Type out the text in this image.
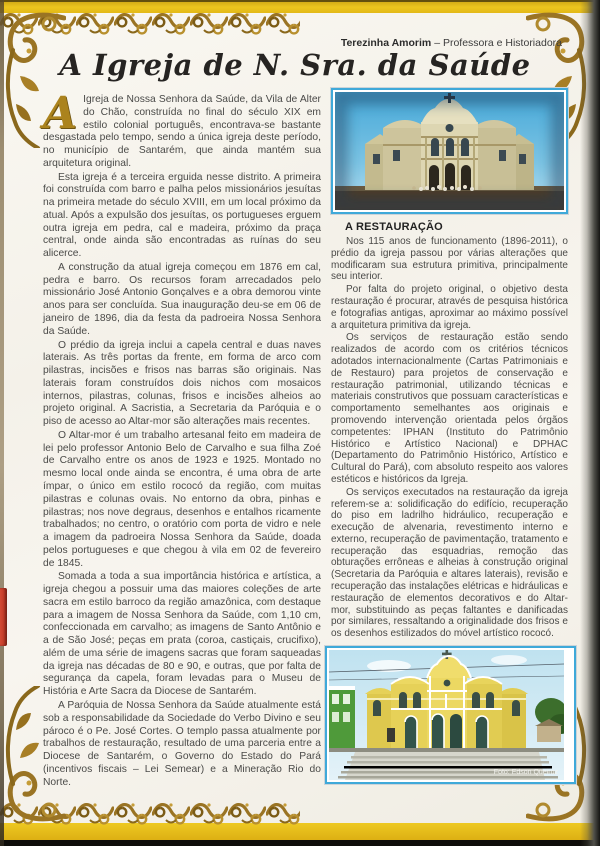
Terezinha Amorim – Professora e Historiadora
A Igreja de N. Sra. da Saúde

A Igreja de Nossa Senhora da Saúde, da Vila de Alter do Chão, construída no final do século XIX em estilo colonial português, encontrava-se bastante desgastada pelo tempo, sendo a única igreja deste período, no município de Santarém, que ainda mantém sua arquitetura original.

Esta igreja é a terceira erguida nesse distrito. A primeira foi construída com barro e palha pelos missionários jesuítas na primeira metade do século XVIII, em um local próximo da atual. Após a expulsão dos jesuítas, os portugueses erguem outra igreja em pedra, cal e madeira, próximo da praça central, onde ainda são encontradas as ruínas do seu alicerce.

A construção da atual igreja começou em 1876 em cal, pedra e barro. Os recursos foram arrecadados pelo missionário José Antonio Gonçalves e a obra demorou vinte anos para ser concluída. Sua inauguração deu-se em 06 de janeiro de 1896, dia da festa da padroeira Nossa Senhora da Saúde.

O prédio da igreja inclui a capela central e duas naves laterais. As três portas da frente, em forma de arco com pilastras, incisões e frisos nas barras são originais. Nas laterais foram construídos dois nichos com mosaicos internos, pilastras, colunas, frisos e incisões alheios ao projeto original. A Sacristia, a Secretaria da Paróquia e o piso de acesso ao Altar-mor são alterações mais recentes.

O Altar-mor é um trabalho artesanal feito em madeira de lei pelo professor Antonio Belo de Carvalho e sua filha Zoé de Carvalho entre os anos de 1923 e 1925. Montado no mesmo local onde ainda se encontra, é uma obra de arte ímpar, o único em estilo rococó da região, com muitas pilastras e colunas ovais. No entorno da obra, pinhas e pilastras; nos nove degraus, desenhos e entalhos ricamente trabalhados; no centro, o oratório com porta de vidro e nele a imagem da padroeira Nossa Senhora da Saúde, doada pelos portugueses e que chegou à vila em 02 de fevereiro de 1845.

Somada a toda a sua importância histórica e artística, a igreja chegou a possuir uma das maiores coleções de arte sacra em estilo barroco da região amazônica, com destaque para a imagem de Nossa Senhora da Saúde, com 1,10 cm, confeccionada em carvalho; as imagens de Santo Antônio e a de São José; peças em prata (coroa, castiçais, crucifixo), além de uma série de imagens sacras que foram saqueadas da igreja nas décadas de 80 e 90, e outras, que por falta de segurança da capela, foram levadas para o Museu de História e Arte Sacra da Diocese de Santarém.

A Paróquia de Nossa Senhora da Saúde atualmente está sob a responsabilidade da Sociedade do Verbo Divino e seu pároco é o Pe. José Cortes. O templo passa atualmente por trabalhos de restauração, resultado de uma parceria entre a Diocese de Santarém, o Governo do Estado do Pará (incentivos fiscais – Lei Semear) e a Mineração Rio do Norte.

A RESTAURAÇÃO

Nos 115 anos de funcionamento (1896-2011), o prédio da igreja passou por várias alterações que modificaram sua estrutura primitiva, principalmente seu interior.

Por falta do projeto original, o objetivo desta restauração é procurar, através de pesquisa histórica e fotografias antigas, aproximar ao máximo possível a arquitetura primitiva da igreja.

Os serviços de restauração estão sendo realizados de acordo com os critérios técnicos adotados internacionalmente (Cartas Patrimoniais e de Restauro) para projetos de conservação e restauração patrimonial, utilizando técnicas e materiais construtivos que possuam características e comportamento semelhantes aos originais e promovendo intervenção orientada pelos órgãos competentes: IPHAN (Instituto do Patrimônio Histórico e Artístico Nacional) e DPHAC (Departamento do Patrimônio Histórico, Artístico e Cultural do Pará), com absoluto respeito aos valores estéticos e históricos da Igreja.

Os serviços executados na restauração da igreja referem-se a: solidificação do edifício, recuperação do piso em ladrilho hidráulico, recuperação e execução de alvenaria, revestimento interno e externo, recuperação de pavimentação, tratamento e recuperação das esquadrias, remoção das obturações errôneas e alheias à construção original (Secretaria da Paróquia e altares laterais), revisão e recuperação das instalações elétricas e hidráulicas e restauração de elementos decorativos e do Altar-mor, substituindo as peças faltantes e danificadas por similares, ressaltando a originalidade dos frisos e os desenhos estilizados do móvel artístico rococó.

Foto: Edson Queiroz
